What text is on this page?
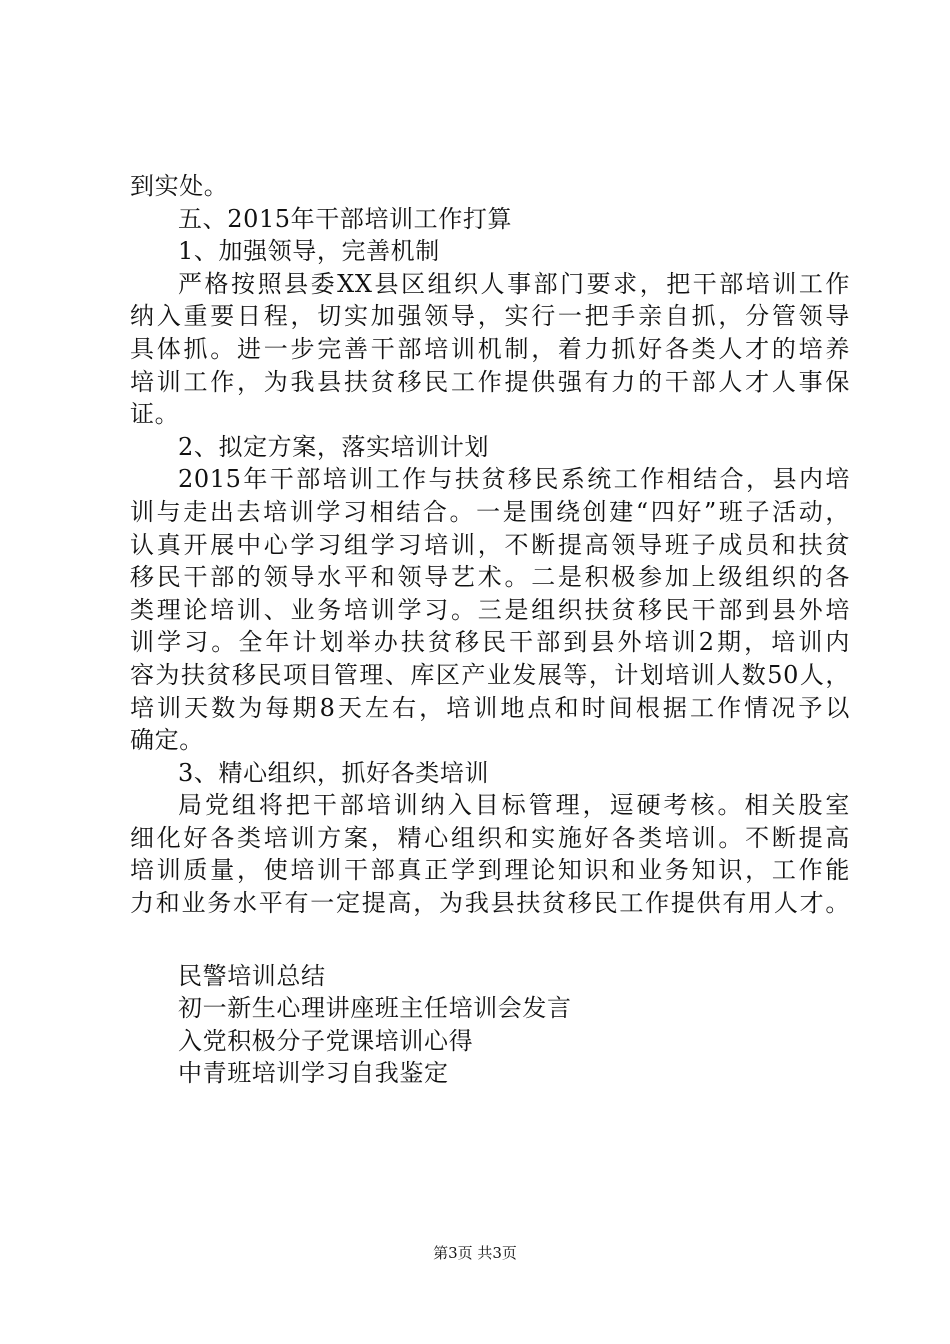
到实处。
五、2015年干部培训工作打算
1、加强领导，完善机制
严格按照县委XX县区组织人事部门要求，把干部培训工作
纳入重要日程，切实加强领导，实行一把手亲自抓，分管领导
具体抓。进一步完善干部培训机制，着力抓好各类人才的培养
培训工作，为我县扶贫移民工作提供强有力的干部人才人事保
证。
2、拟定方案，落实培训计划
2015年干部培训工作与扶贫移民系统工作相结合，县内培
训与走出去培训学习相结合。一是围绕创建“四好”班子活动，
认真开展中心学习组学习培训，不断提高领导班子成员和扶贫
移民干部的领导水平和领导艺术。二是积极参加上级组织的各
类理论培训、业务培训学习。三是组织扶贫移民干部到县外培
训学习。全年计划举办扶贫移民干部到县外培训2期，培训内
容为扶贫移民项目管理、库区产业发展等，计划培训人数50人，
培训天数为每期8天左右，培训地点和时间根据工作情况予以
确定。
3、精心组织，抓好各类培训
局党组将把干部培训纳入目标管理，逗硬考核。相关股室
细化好各类培训方案，精心组织和实施好各类培训。不断提高
培训质量，使培训干部真正学到理论知识和业务知识，工作能
力和业务水平有一定提高，为我县扶贫移民工作提供有用人才。
民警培训总结
初一新生心理讲座班主任培训会发言
入党积极分子党课培训心得
中青班培训学习自我鉴定
第3页 共3页
